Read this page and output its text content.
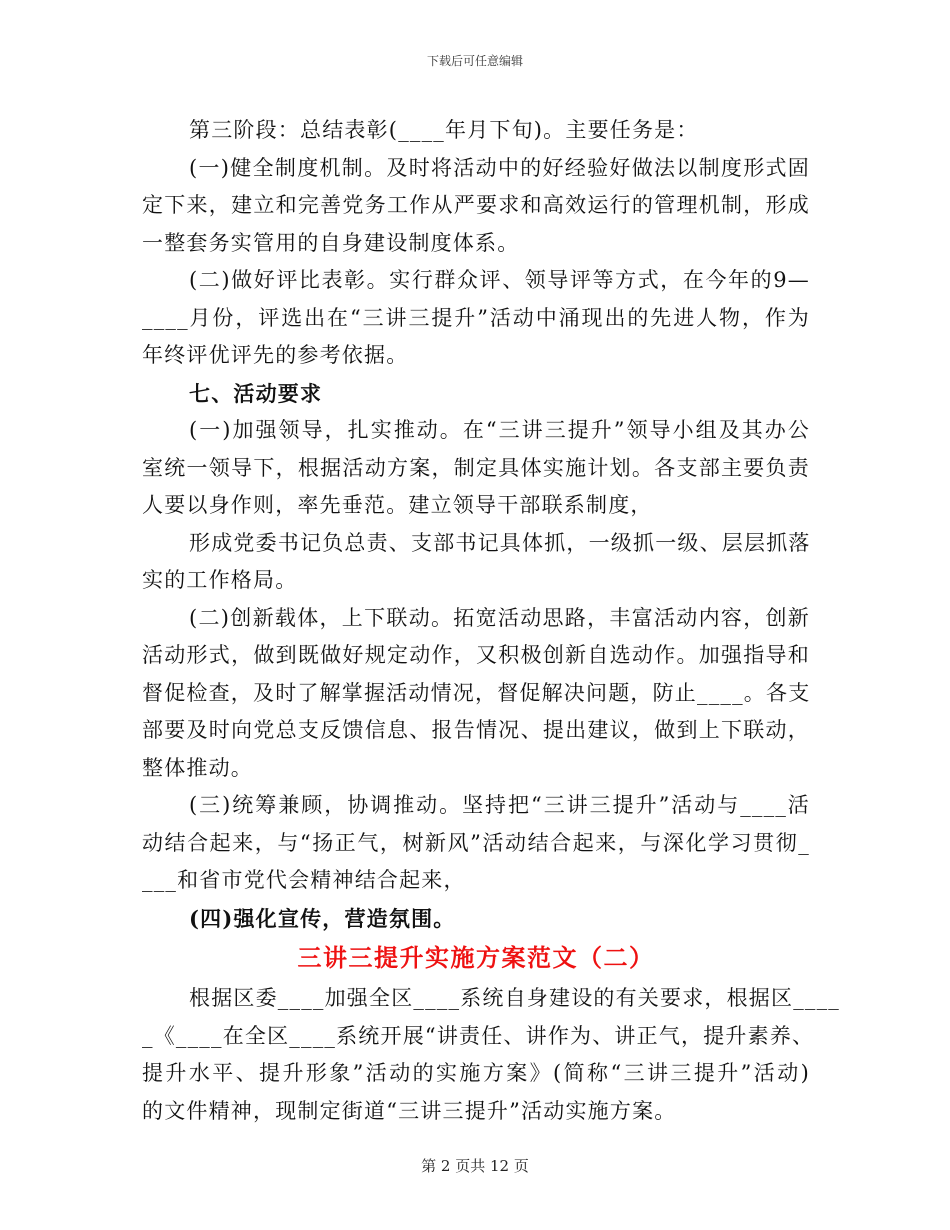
下载后可任意编辑
第三阶段：总结表彰(____年月下旬)。主要任务是：
(一)健全制度机制。及时将活动中的好经验好做法以制度形式固
定下来，建立和完善党务工作从严要求和高效运行的管理机制，形成
一整套务实管用的自身建设制度体系。
(二)做好评比表彰。实行群众评、领导评等方式，在今年的9—
____月份，评选出在“三讲三提升”活动中涌现出的先进人物，作为
年终评优评先的参考依据。
七、活动要求
(一)加强领导，扎实推动。在“三讲三提升”领导小组及其办公
室统一领导下，根据活动方案，制定具体实施计划。各支部主要负责
人要以身作则，率先垂范。建立领导干部联系制度，
形成党委书记负总责、支部书记具体抓，一级抓一级、层层抓落
实的工作格局。
(二)创新载体，上下联动。拓宽活动思路，丰富活动内容，创新
活动形式，做到既做好规定动作，又积极创新自选动作。加强指导和
督促检查，及时了解掌握活动情况，督促解决问题，防止____。各支
部要及时向党总支反馈信息、报告情况、提出建议，做到上下联动，
整体推动。
(三)统筹兼顾，协调推动。坚持把“三讲三提升”活动与____活
动结合起来，与“扬正气，树新风”活动结合起来，与深化学习贯彻_
___和省市党代会精神结合起来，
(四)强化宣传，营造氛围。
三讲三提升实施方案范文（二）
根据区委____加强全区____系统自身建设的有关要求，根据区____
_《____在全区____系统开展“讲责任、讲作为、讲正气，提升素养、
提升水平、提升形象”活动的实施方案》(简称“三讲三提升”活动)
的文件精神，现制定街道“三讲三提升”活动实施方案。
第 2 页共 12 页
